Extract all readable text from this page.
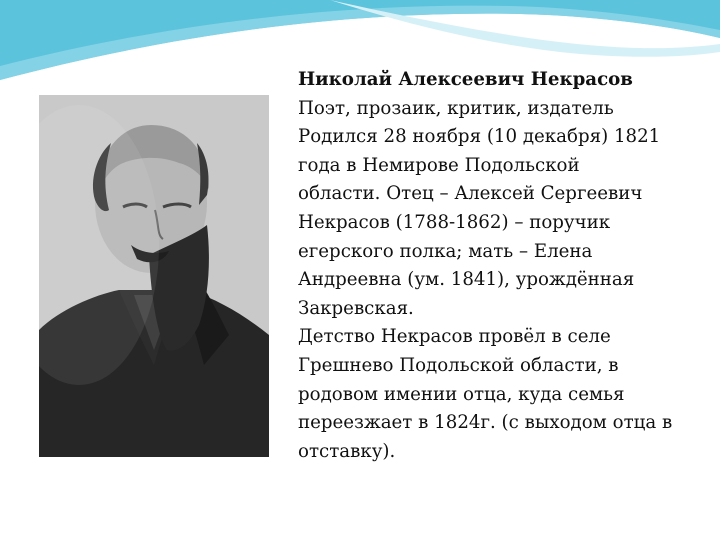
Николай Алексеевич Некрасов
Поэт, прозаик, критик, издатель
Родился 28 ноября (10 декабря) 1821
года в Немирове Подольской
области. Отец – Алексей Сергеевич
Некрасов (1788-1862) – поручик
егерского полка; мать – Елена
Андреевна (ум. 1841), урождённая
Закревская.
Детство Некрасов провёл в селе
Грешнево Подольской области, в
родовом имении отца, куда семья
переезжает в 1824г. (с выходом отца в
отставку).
